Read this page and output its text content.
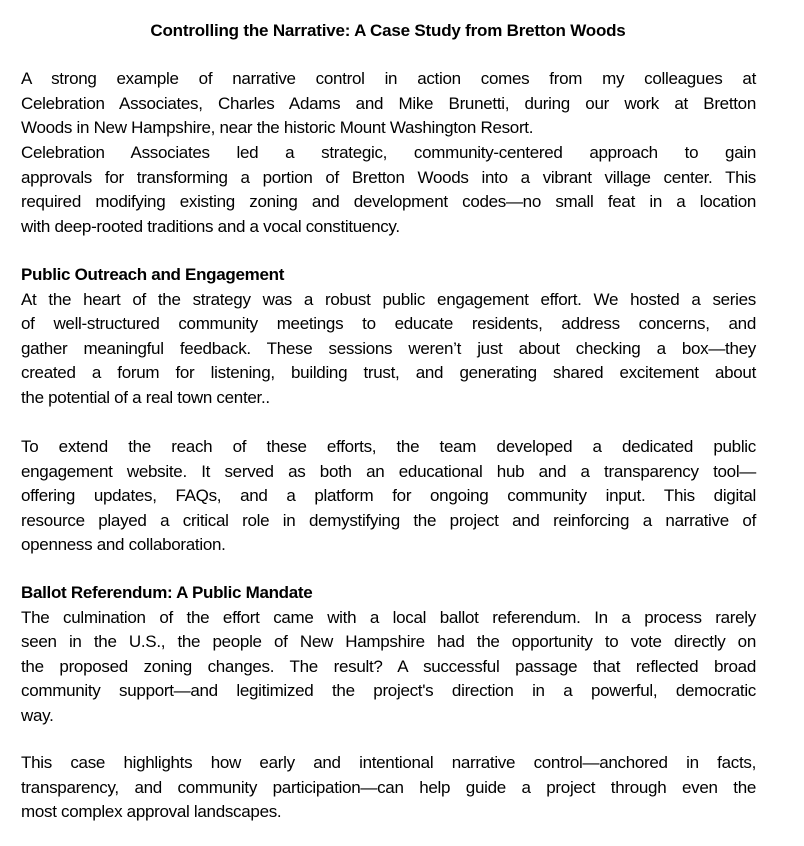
Controlling the Narrative: A Case Study from Bretton Woods
A strong example of narrative control in action comes from my colleagues at
Celebration Associates, Charles Adams and Mike Brunetti, during our work at Bretton
Woods in New Hampshire, near the historic Mount Washington Resort.
Celebration Associates led a strategic, community-centered approach to gain
approvals for transforming a portion of Bretton Woods into a vibrant village center. This
required modifying existing zoning and development codes—no small feat in a location
with deep-rooted traditions and a vocal constituency.
Public Outreach and Engagement
At the heart of the strategy was a robust public engagement effort. We hosted a series
of well-structured community meetings to educate residents, address concerns, and
gather meaningful feedback. These sessions weren’t just about checking a box—they
created a forum for listening, building trust, and generating shared excitement about
the potential of a real town center..
To extend the reach of these efforts, the team developed a dedicated public
engagement website. It served as both an educational hub and a transparency tool—
offering updates, FAQs, and a platform for ongoing community input. This digital
resource played a critical role in demystifying the project and reinforcing a narrative of
openness and collaboration.
Ballot Referendum: A Public Mandate
The culmination of the effort came with a local ballot referendum. In a process rarely
seen in the U.S., the people of New Hampshire had the opportunity to vote directly on
the proposed zoning changes. The result? A successful passage that reflected broad
community support—and legitimized the project's direction in a powerful, democratic
way.
This case highlights how early and intentional narrative control—anchored in facts,
transparency, and community participation—can help guide a project through even the
most complex approval landscapes.
